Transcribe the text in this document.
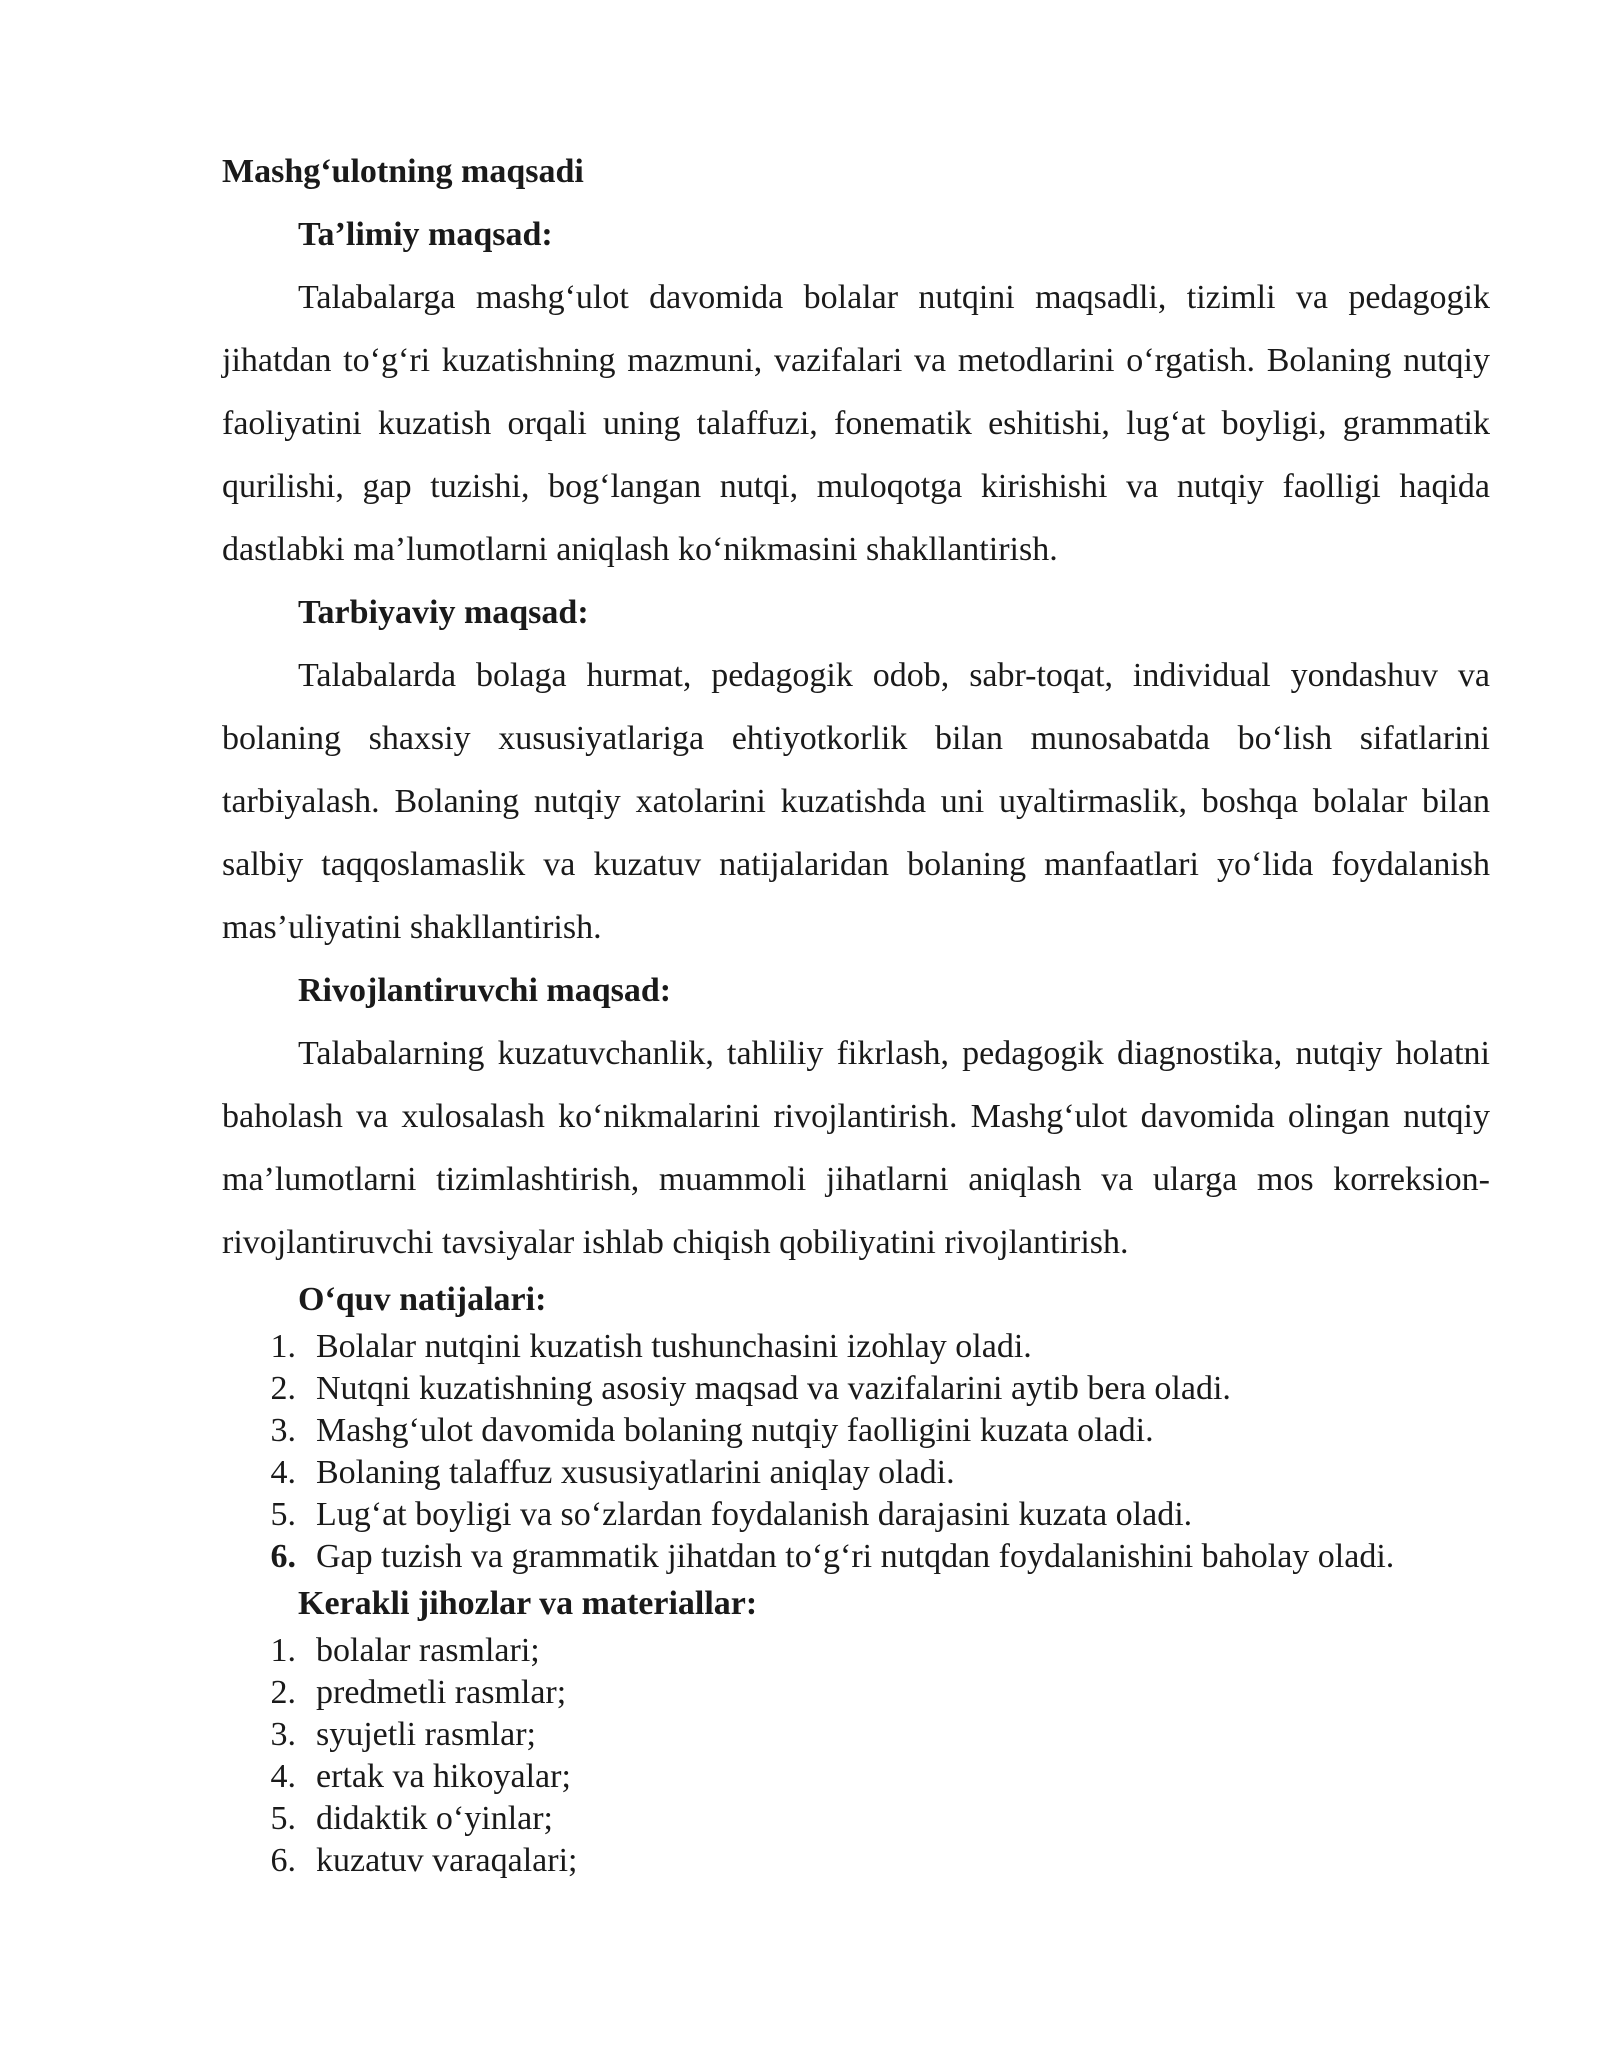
Mashg‘ulotning maqsadi

Ta’limiy maqsad:

Talabalarga mashg‘ulot davomida bolalar nutqini maqsadli, tizimli va pedagogik jihatdan to‘g‘ri kuzatishning mazmuni, vazifalari va metodlarini o‘rgatish. Bolaning nutqiy faoliyatini kuzatish orqali uning talaffuzi, fonematik eshitishi, lug‘at boyligi, grammatik qurilishi, gap tuzishi, bog‘langan nutqi, muloqotga kirishishi va nutqiy faolligi haqida dastlabki ma’lumotlarni aniqlash ko‘nikmasini shakllantirish.

Tarbiyaviy maqsad:

Talabalarda bolaga hurmat, pedagogik odob, sabr-toqat, individual yondashuv va bolaning shaxsiy xususiyatlariga ehtiyotkorlik bilan munosabatda bo‘lish sifatlarini tarbiyalash. Bolaning nutqiy xatolarini kuzatishda uni uyaltirmaslik, boshqa bolalar bilan salbiy taqqoslamaslik va kuzatuv natijalaridan bolaning manfaatlari yo‘lida foydalanish mas’uliyatini shakllantirish.

Rivojlantiruvchi maqsad:

Talabalarning kuzatuvchanlik, tahliliy fikrlash, pedagogik diagnostika, nutqiy holatni baholash va xulosalash ko‘nikmalarini rivojlantirish. Mashg‘ulot davomida olingan nutqiy ma’lumotlarni tizimlashtirish, muammoli jihatlarni aniqlash va ularga mos korreksion-rivojlantiruvchi tavsiyalar ishlab chiqish qobiliyatini rivojlantirish.

O‘quv natijalari:

1. Bolalar nutqini kuzatish tushunchasini izohlay oladi.
2. Nutqni kuzatishning asosiy maqsad va vazifalarini aytib bera oladi.
3. Mashg‘ulot davomida bolaning nutqiy faolligini kuzata oladi.
4. Bolaning talaffuz xususiyatlarini aniqlay oladi.
5. Lug‘at boyligi va so‘zlardan foydalanish darajasini kuzata oladi.
6. Gap tuzish va grammatik jihatdan to‘g‘ri nutqdan foydalanishini baholay oladi.

Kerakli jihozlar va materiallar:

1. bolalar rasmlari;
2. predmetli rasmlar;
3. syujetli rasmlar;
4. ertak va hikoyalar;
5. didaktik o‘yinlar;
6. kuzatuv varaqalari;
